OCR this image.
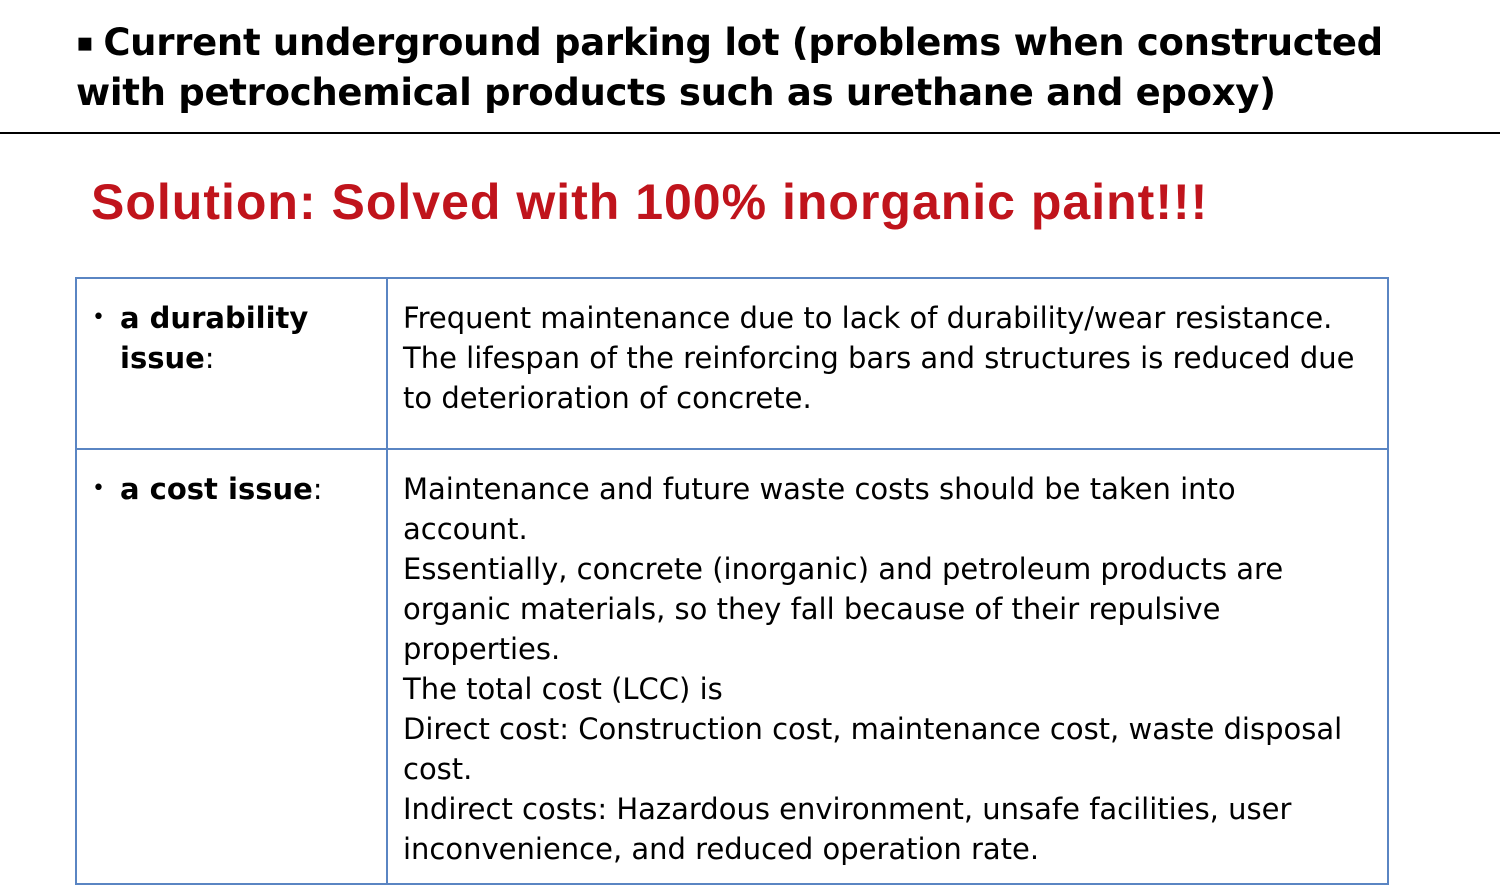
▪ Current underground parking lot (problems when constructed
with petrochemical products such as urethane and epoxy)
Solution: Solved with 100% inorganic paint!!!
• a durability issue:	Frequent maintenance due to lack of durability/wear resistance.
The lifespan of the reinforcing bars and structures is reduced due to deterioration of concrete.

• a cost issue:	Maintenance and future waste costs should be taken into account.
Essentially, concrete (inorganic) and petroleum products are organic materials, so they fall because of their repulsive properties.
The total cost (LCC) is
Direct cost: Construction cost, maintenance cost, waste disposal cost.
Indirect costs: Hazardous environment, unsafe facilities, user inconvenience, and reduced operation rate.
